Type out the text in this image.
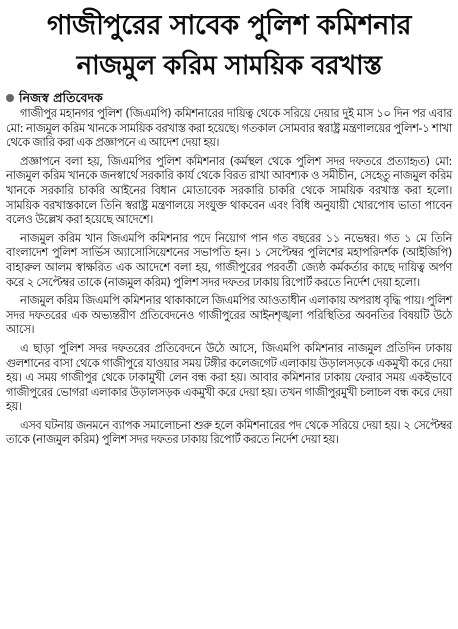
গাজীপুরের সাবেক পুলিশ কমিশনার
নাজমুল করিম সাময়িক বরখাস্ত
নিজস্ব প্রতিবেদক

গাজীপুর মহানগর পুলিশ (জিএমপি) কমিশনারের দায়িত্ব থেকে সরিয়ে দেয়ার দুই মাস ১০ দিন পর এবার মো: নাজমুল করিম খানকে সাময়িক বরখাস্ত করা হয়েছে। গতকাল সোমবার স্বরাষ্ট্র মন্ত্রণালয়ের পুলিশ-১ শাখা থেকে জারি করা এক প্রজ্ঞাপনে এ আদেশ দেয়া হয়।

প্রজ্ঞাপনে বলা হয়, জিএমপির পুলিশ কমিশনার (কর্মস্থল থেকে পুলিশ সদর দফতরে প্রত্যাহৃত) মো: নাজমুল করিম খানকে জনস্বার্থে সরকারি কার্য থেকে বিরত রাখা আবশ্যক ও সমীচীন, সেহেতু নাজমুল করিম খানকে সরকারি চাকরি আইনের বিধান মোতাবেক সরকারি চাকরি থেকে সাময়িক বরখাস্ত করা হলো। সাময়িক বরখাস্তকালে তিনি স্বরাষ্ট্র মন্ত্রণালয়ে সংযুক্ত থাকবেন এবং বিধি অনুযায়ী খোরপোষ ভাতা পাবেন বলেও উল্লেখ করা হয়েছে আদেশে।

নাজমুল করিম খান জিএমপি কমিশনার পদে নিয়োগ পান গত বছরের ১১ নভেম্বর। গত ১ মে তিনি বাংলাদেশ পুলিশ সার্ভিস অ্যাসোসিয়েশনের সভাপতি হন। ১ সেপ্টেম্বর পুলিশের মহাপরিদর্শক (আইজিপি) বাহারুল আলম স্বাক্ষরিত এক আদেশে বলা হয়, গাজীপুরের পরবর্তী জ্যেষ্ঠ কর্মকর্তার কাছে দায়িত্ব অর্পণ করে ২ সেপ্টেম্বর তাকে (নাজমুল করিম) পুলিশ সদর দফতর ঢাকায় রিপোর্ট করতে নির্দেশ দেয়া হলো।

নাজমুল করিম জিএমপি কমিশনার থাকাকালে জিএমপির আওতাধীন এলাকায় অপরাধ বৃদ্ধি পায়। পুলিশ সদর দফতরের এক অভ্যন্তরীণ প্রতিবেদনেও গাজীপুরের আইনশৃঙ্খলা পরিস্থিতির অবনতির বিষয়টি উঠে আসে।

এ ছাড়া পুলিশ সদর দফতরের প্রতিবেদনে উঠে আসে, জিএমপি কমিশনার নাজমুল প্রতিদিন ঢাকায় গুলশানের বাসা থেকে গাজীপুরে যাওয়ার সময় টঙ্গীর কলেজগেট এলাকায় উড়ালসড়কে একমুখী করে দেয়া হয়। এ সময় গাজীপুর থেকে ঢাকামুখী লেন বন্ধ করা হয়। আবার কমিশনার ঢাকায় ফেরার সময় একইভাবে গাজীপুরের ভোগরা এলাকার উড়ালসড়ক একমুখী করে দেয়া হয়। তখন গাজীপুরমুখী চলাচল বন্ধ করে দেয়া হয়।

এসব ঘটনায় জনমনে ব্যাপক সমালোচনা শুরু হলে কমিশনারের পদ থেকে সরিয়ে দেয়া হয়। ২ সেপ্টেম্বর তাকে (নাজমুল করিম) পুলিশ সদর দফতর ঢাকায় রিপোর্ট করতে নির্দেশ দেয়া হয়।
